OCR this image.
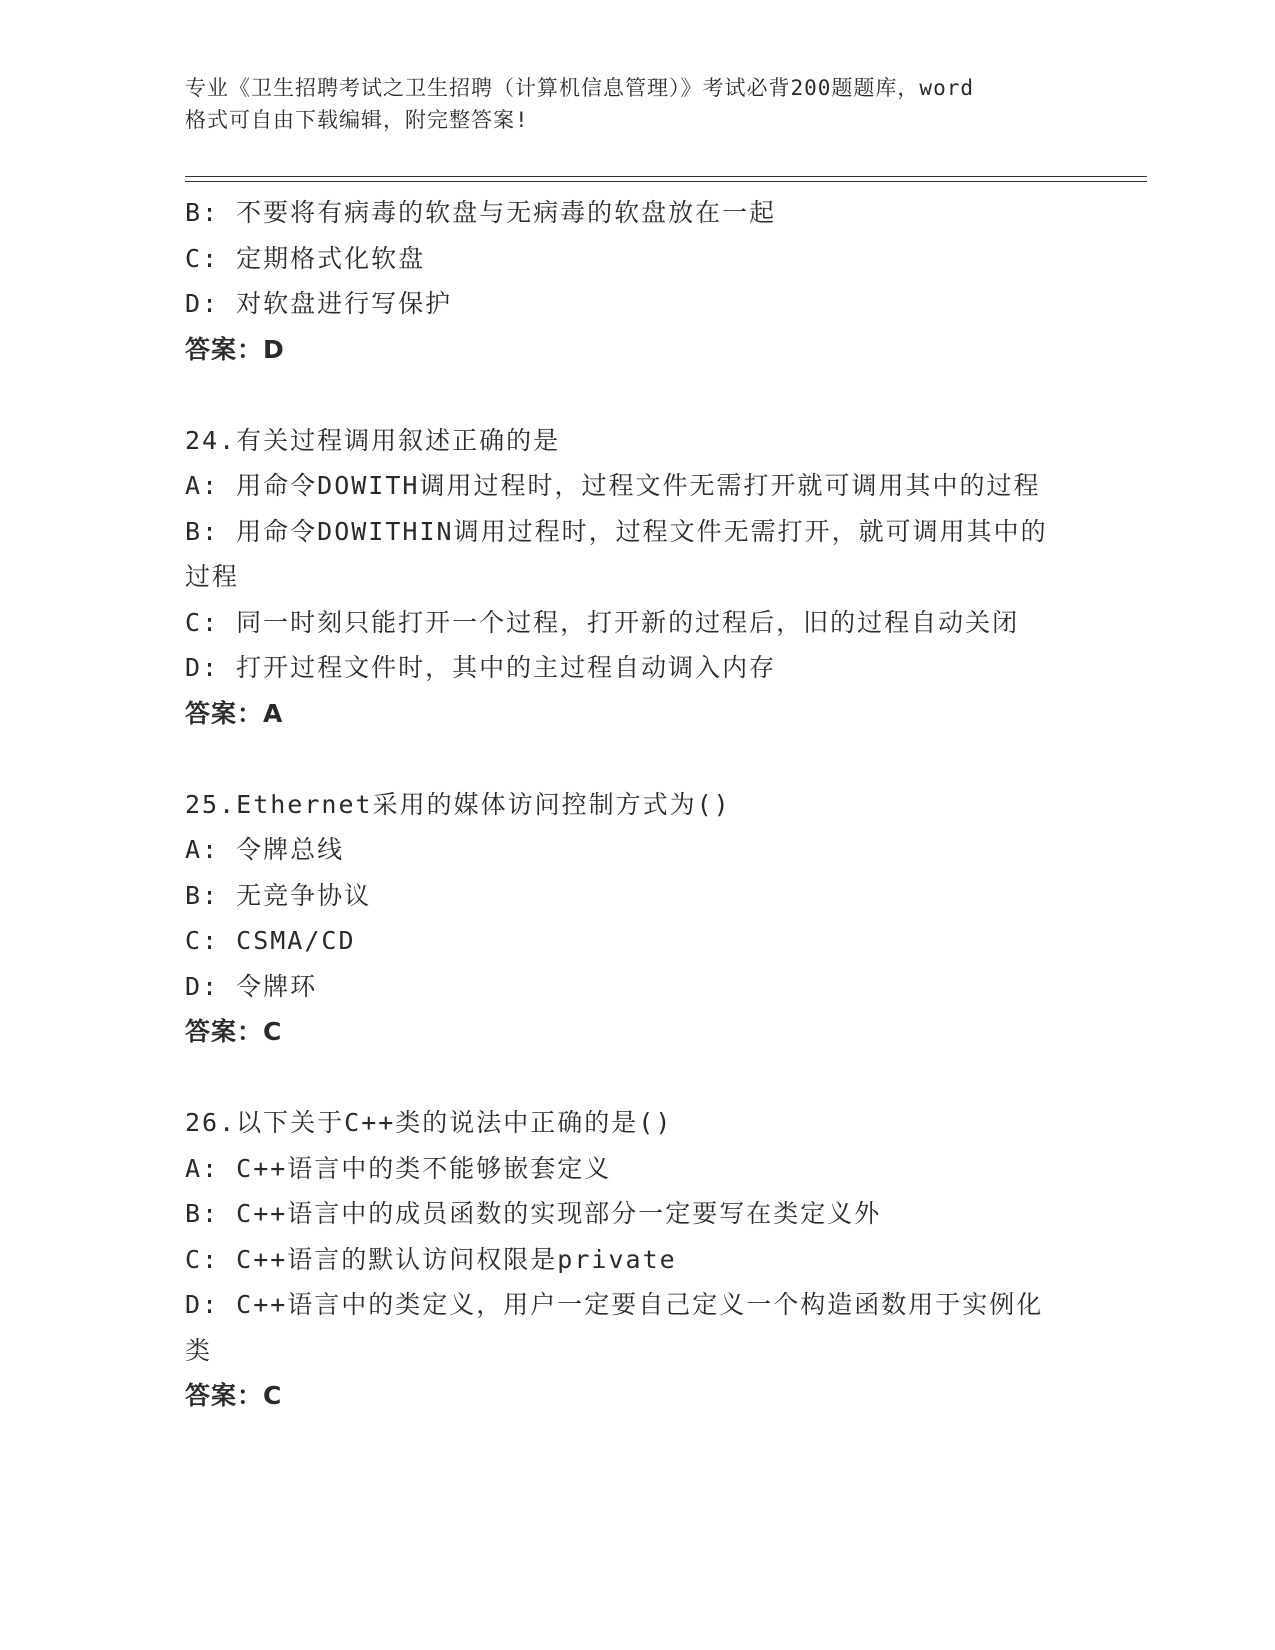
专业《卫生招聘考试之卫生招聘（计算机信息管理）》考试必背200题题库，word
格式可自由下载编辑，附完整答案!
B: 不要将有病毒的软盘与无病毒的软盘放在一起
C: 定期格式化软盘
D: 对软盘进行写保护
答案：D
24.有关过程调用叙述正确的是
A: 用命令DOWITH调用过程时，过程文件无需打开就可调用其中的过程
B: 用命令DOWITHIN调用过程时，过程文件无需打开，就可调用其中的过程
C: 同一时刻只能打开一个过程，打开新的过程后，旧的过程自动关闭
D: 打开过程文件时，其中的主过程自动调入内存
答案：A
25.Ethernet采用的媒体访问控制方式为()
A: 令牌总线
B: 无竞争协议
C: CSMA/CD
D: 令牌环
答案：C
26.以下关于C++类的说法中正确的是()
A: C++语言中的类不能够嵌套定义
B: C++语言中的成员函数的实现部分一定要写在类定义外
C: C++语言的默认访问权限是private
D: C++语言中的类定义，用户一定要自己定义一个构造函数用于实例化类
答案：C
